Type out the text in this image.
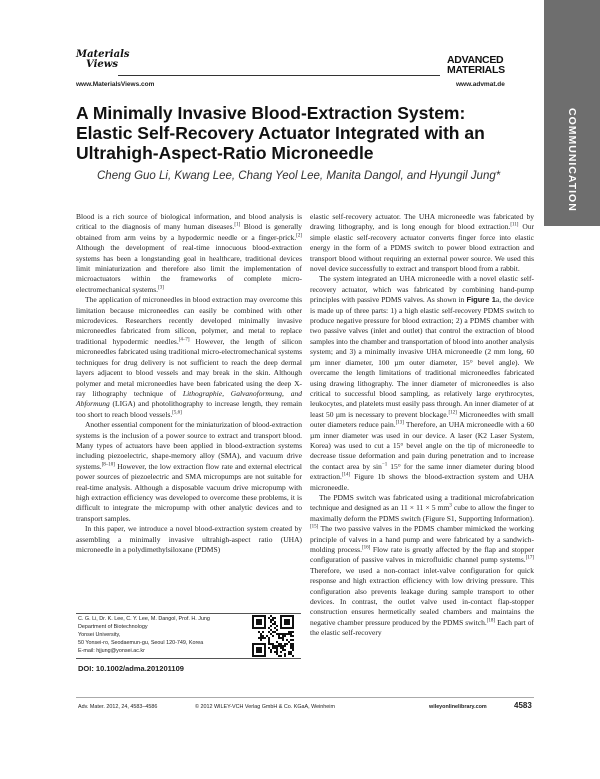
Materials
Views	ADVANCED
MATERIALS
www.MaterialsViews.com	www.advmat.de
COMMUNICATION
A Minimally Invasive Blood-Extraction System: Elastic Self-Recovery Actuator Integrated with an Ultrahigh-Aspect-Ratio Microneedle
Cheng Guo Li, Kwang Lee, Chang Yeol Lee, Manita Dangol, and Hyungil Jung*

Blood is a rich source of biological information, and blood analysis is critical to the diagnosis of many human diseases.[1] Blood is generally obtained from arm veins by a hypodermic needle or a finger-prick.[2] Although the development of real-time innocuous blood-extraction systems has been a longstanding goal in healthcare, traditional devices limit miniaturization and therefore also limit the implementation of microactuators within the frameworks of complete micro-electromechanical systems.[3]

The application of microneedles in blood extraction may overcome this limitation because microneedles can easily be combined with other microdevices. Researchers recently developed minimally invasive microneedles fabricated from silicon, polymer, and metal to replace traditional hypodermic needles.[4–7] However, the length of silicon microneedles fabricated using traditional micro-electromechanical systems techniques for drug delivery is not sufficient to reach the deep dermal layers adjacent to blood vessels and may break in the skin. Although polymer and metal microneedles have been fabricated using the deep X-ray lithography technique of Lithographie, Galvanoformung, and Abformung (LIGA) and photolithography to increase length, they remain too short to reach blood vessels.[5,6]

Another essential component for the miniaturization of blood-extraction systems is the inclusion of a power source to extract and transport blood. Many types of actuators have been applied in blood-extraction systems including piezoelectric, shape-memory alloy (SMA), and vacuum drive systems.[8–10] However, the low extraction flow rate and external electrical power sources of piezoelectric and SMA micropumps are not suitable for real-time analysis. Although a disposable vacuum drive micropump with high extraction efficiency was developed to overcome these problems, it is difficult to integrate the micropump with other analytic devices and to transport samples.

In this paper, we introduce a novel blood-extraction system created by assembling a minimally invasive ultrahigh-aspect ratio (UHA) microneedle in a polydimethylsiloxane (PDMS)

elastic self-recovery actuator. The UHA microneedle was fabricated by drawing lithography, and is long enough for blood extraction.[11] Our simple elastic self-recovery actuator converts finger force into elastic energy in the form of a PDMS switch to power blood extraction and transport blood without requiring an external power source. We used this novel device successfully to extract and transport blood from a rabbit.

The system integrated an UHA microneedle with a novel elastic self-recovery actuator, which was fabricated by combining hand-pump principles with passive PDMS valves. As shown in Figure 1a, the device is made up of three parts: 1) a high elastic self-recovery PDMS switch to produce negative pressure for blood extraction; 2) a PDMS chamber with two passive valves (inlet and outlet) that control the extraction of blood samples into the chamber and transportation of blood into another analysis system; and 3) a minimally invasive UHA microneedle (2 mm long, 60 µm inner diameter, 100 µm outer diameter, 15° bevel angle). We overcame the length limitations of traditional microneedles fabricated using drawing lithography. The inner diameter of microneedles is also critical to successful blood sampling, as relatively large erythrocytes, leukocytes, and platelets must easily pass through. An inner diameter of at least 50 µm is necessary to prevent blockage.[12] Microneedles with small outer diameters reduce pain.[13] Therefore, an UHA microneedle with a 60 µm inner diameter was used in our device. A laser (K2 Laser System, Korea) was used to cut a 15° bevel angle on the tip of microneedle to decrease tissue deformation and pain during penetration and to increase the contact area by $\sin^{-1} 15^\circ$ for the same inner diameter during blood extraction.[14] Figure 1b shows the blood-extraction system and UHA microneedle.

The PDMS switch was fabricated using a traditional microfabrication technique and designed as an 11 × 11 × 5 $mm^3$ cube to allow the finger to maximally deform the PDMS switch (Figure S1, Supporting Information).[15] The two passive valves in the PDMS chamber mimicked the working principle of valves in a hand pump and were fabricated by a sandwich-molding process.[16] Flow rate is greatly affected by the flap and stopper configuration of passive valves in microfluidic channel pump systems.[17] Therefore, we used a non-contact inlet-valve configuration for quick response and high extraction efficiency with low driving pressure. This configuration also prevents leakage during sample transport to other devices. In contrast, the outlet valve used in-contact flap-stopper construction ensures hermetically sealed chambers and maintains the negative chamber pressure produced by the PDMS switch.[18] Each part of the elastic self-recovery

C. G. Li, Dr. K. Lee, C. Y. Lee, M. Dangol, Prof. H. Jung
Department of Biotechnology
Yonsei University,
50 Yonsei-ro, Seodaemun-gu, Seoul 120-749, Korea
E-mail: hjjung@yonsei.ac.kr
DOI: 10.1002/adma.201201109
Adv. Mater. 2012, 24, 4583–4586	© 2012 WILEY-VCH Verlag GmbH & Co. KGaA, Weinheim	wileyonlinelibrary.com	4583
